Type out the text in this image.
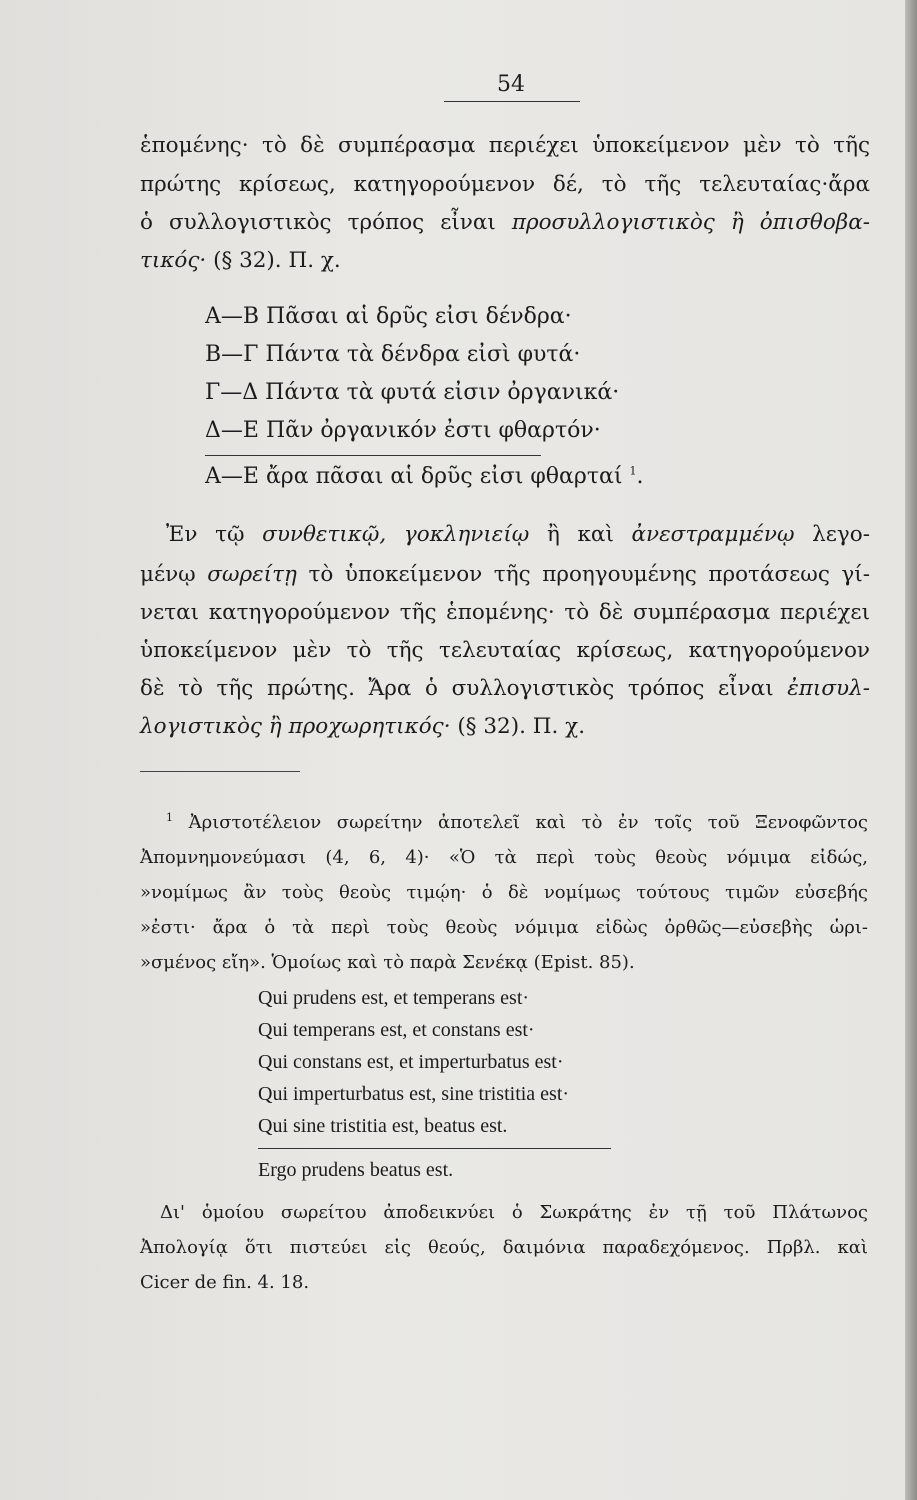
54
ἑπομένης· τὸ δὲ συμπέρασμα περιέχει ὑποκείμενον μὲν τὸ τῆς
πρώτης κρίσεως, κατηγορούμενον δέ, τὸ τῆς τελευταίας·ἄρα
ὁ συλλογιστικὸς τρόπος εἶναι προσυλλογιστικὸς ἢ ὀπισθοβα-
τικός· (§ 32). Π. χ.
Α—Β Πᾶσαι αἱ δρῦς εἰσι δένδρα·
Β—Γ Πάντα τὰ δένδρα εἰσὶ φυτά·
Γ—Δ Πάντα τὰ φυτά εἰσιν ὀργανικά·
Δ—Ε Πᾶν ὀργανικόν ἐστι φθαρτόν·
Α—Ε ἄρα πᾶσαι αἱ δρῦς εἰσι φθαρταί $^1$.
Ἐν τῷ συνθετικῷ, γοκληνιείῳ ἢ καὶ ἀνεστραμμένῳ λεγο-
μένῳ σωρείτῃ τὸ ὑποκείμενον τῆς προηγουμένης προτάσεως γί-
νεται κατηγορούμενον τῆς ἑπομένης· τὸ δὲ συμπέρασμα περιέχει
ὑποκείμενον μὲν τὸ τῆς τελευταίας κρίσεως, κατηγορούμενον
δὲ τὸ τῆς πρώτης. Ἄρα ὁ συλλογιστικὸς τρόπος εἶναι ἐπισυλ-
λογιστικὸς ἢ προχωρητικός· (§ 32). Π. χ.
$^1$ Ἀριστοτέλειον σωρείτην ἀποτελεῖ καὶ τὸ ἐν τοῖς τοῦ Ξενοφῶντος
Ἀπομνημονεύμασι (4, 6, 4)· «Ὁ τὰ περὶ τοὺς θεοὺς νόμιμα εἰδώς,
»νομίμως ἂν τοὺς θεοὺς τιμῴη· ὁ δὲ νομίμως τούτους τιμῶν εὐσεβής
»ἐστι· ἄρα ὁ τὰ περὶ τοὺς θεοὺς νόμιμα εἰδὼς ὀρθῶς—εὐσεβὴς ὡρι-
»σμένος εἴη». Ὁμοίως καὶ τὸ παρὰ Σενέκᾳ (Epist. 85).
Qui prudens est, et temperans est·
Qui temperans est, et constans est·
Qui constans est, et imperturbatus est·
Qui imperturbatus est, sine tristitia est·
Qui sine tristitia est, beatus est.
Ergo prudens beatus est.
Δι' ὁμοίου σωρείτου ἀποδεικνύει ὁ Σωκράτης ἐν τῇ τοῦ Πλάτωνος
Ἀπολογίᾳ ὅτι πιστεύει εἰς θεούς, δαιμόνια παραδεχόμενος. Πρβλ. καὶ
Cicer de fin. 4. 18.
